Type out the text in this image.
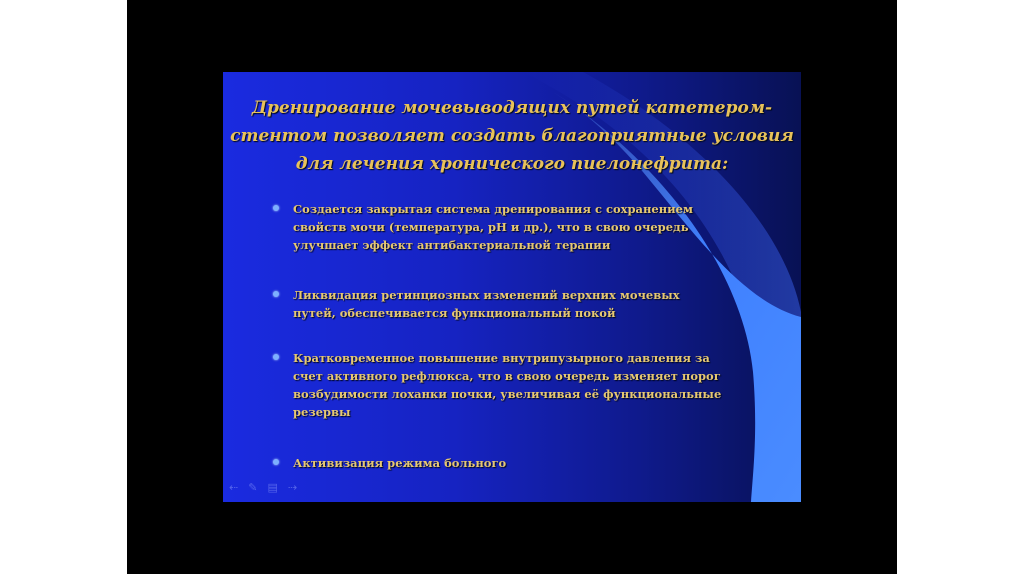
Дренирование мочевыводящих путей катетером-
стентом позволяет создать благоприятные условия
для лечения хронического пиелонефрита:
Создается закрытая система дренирования с сохранением
свойств мочи (температура, pH и др.), что в свою очередь
улучшает эффект антибактериальной терапии
Ликвидация ретинциозных изменений верхних мочевых
путей, обеспечивается функциональный покой
Кратковременное повышение внутрипузырного давления за
счет активного рефлюкса, что в свою очередь изменяет порог
возбудимости лоханки почки, увеличивая её функциональные
резервы
Активизация режима больного
⇠ ✎ ▤ ⇢
